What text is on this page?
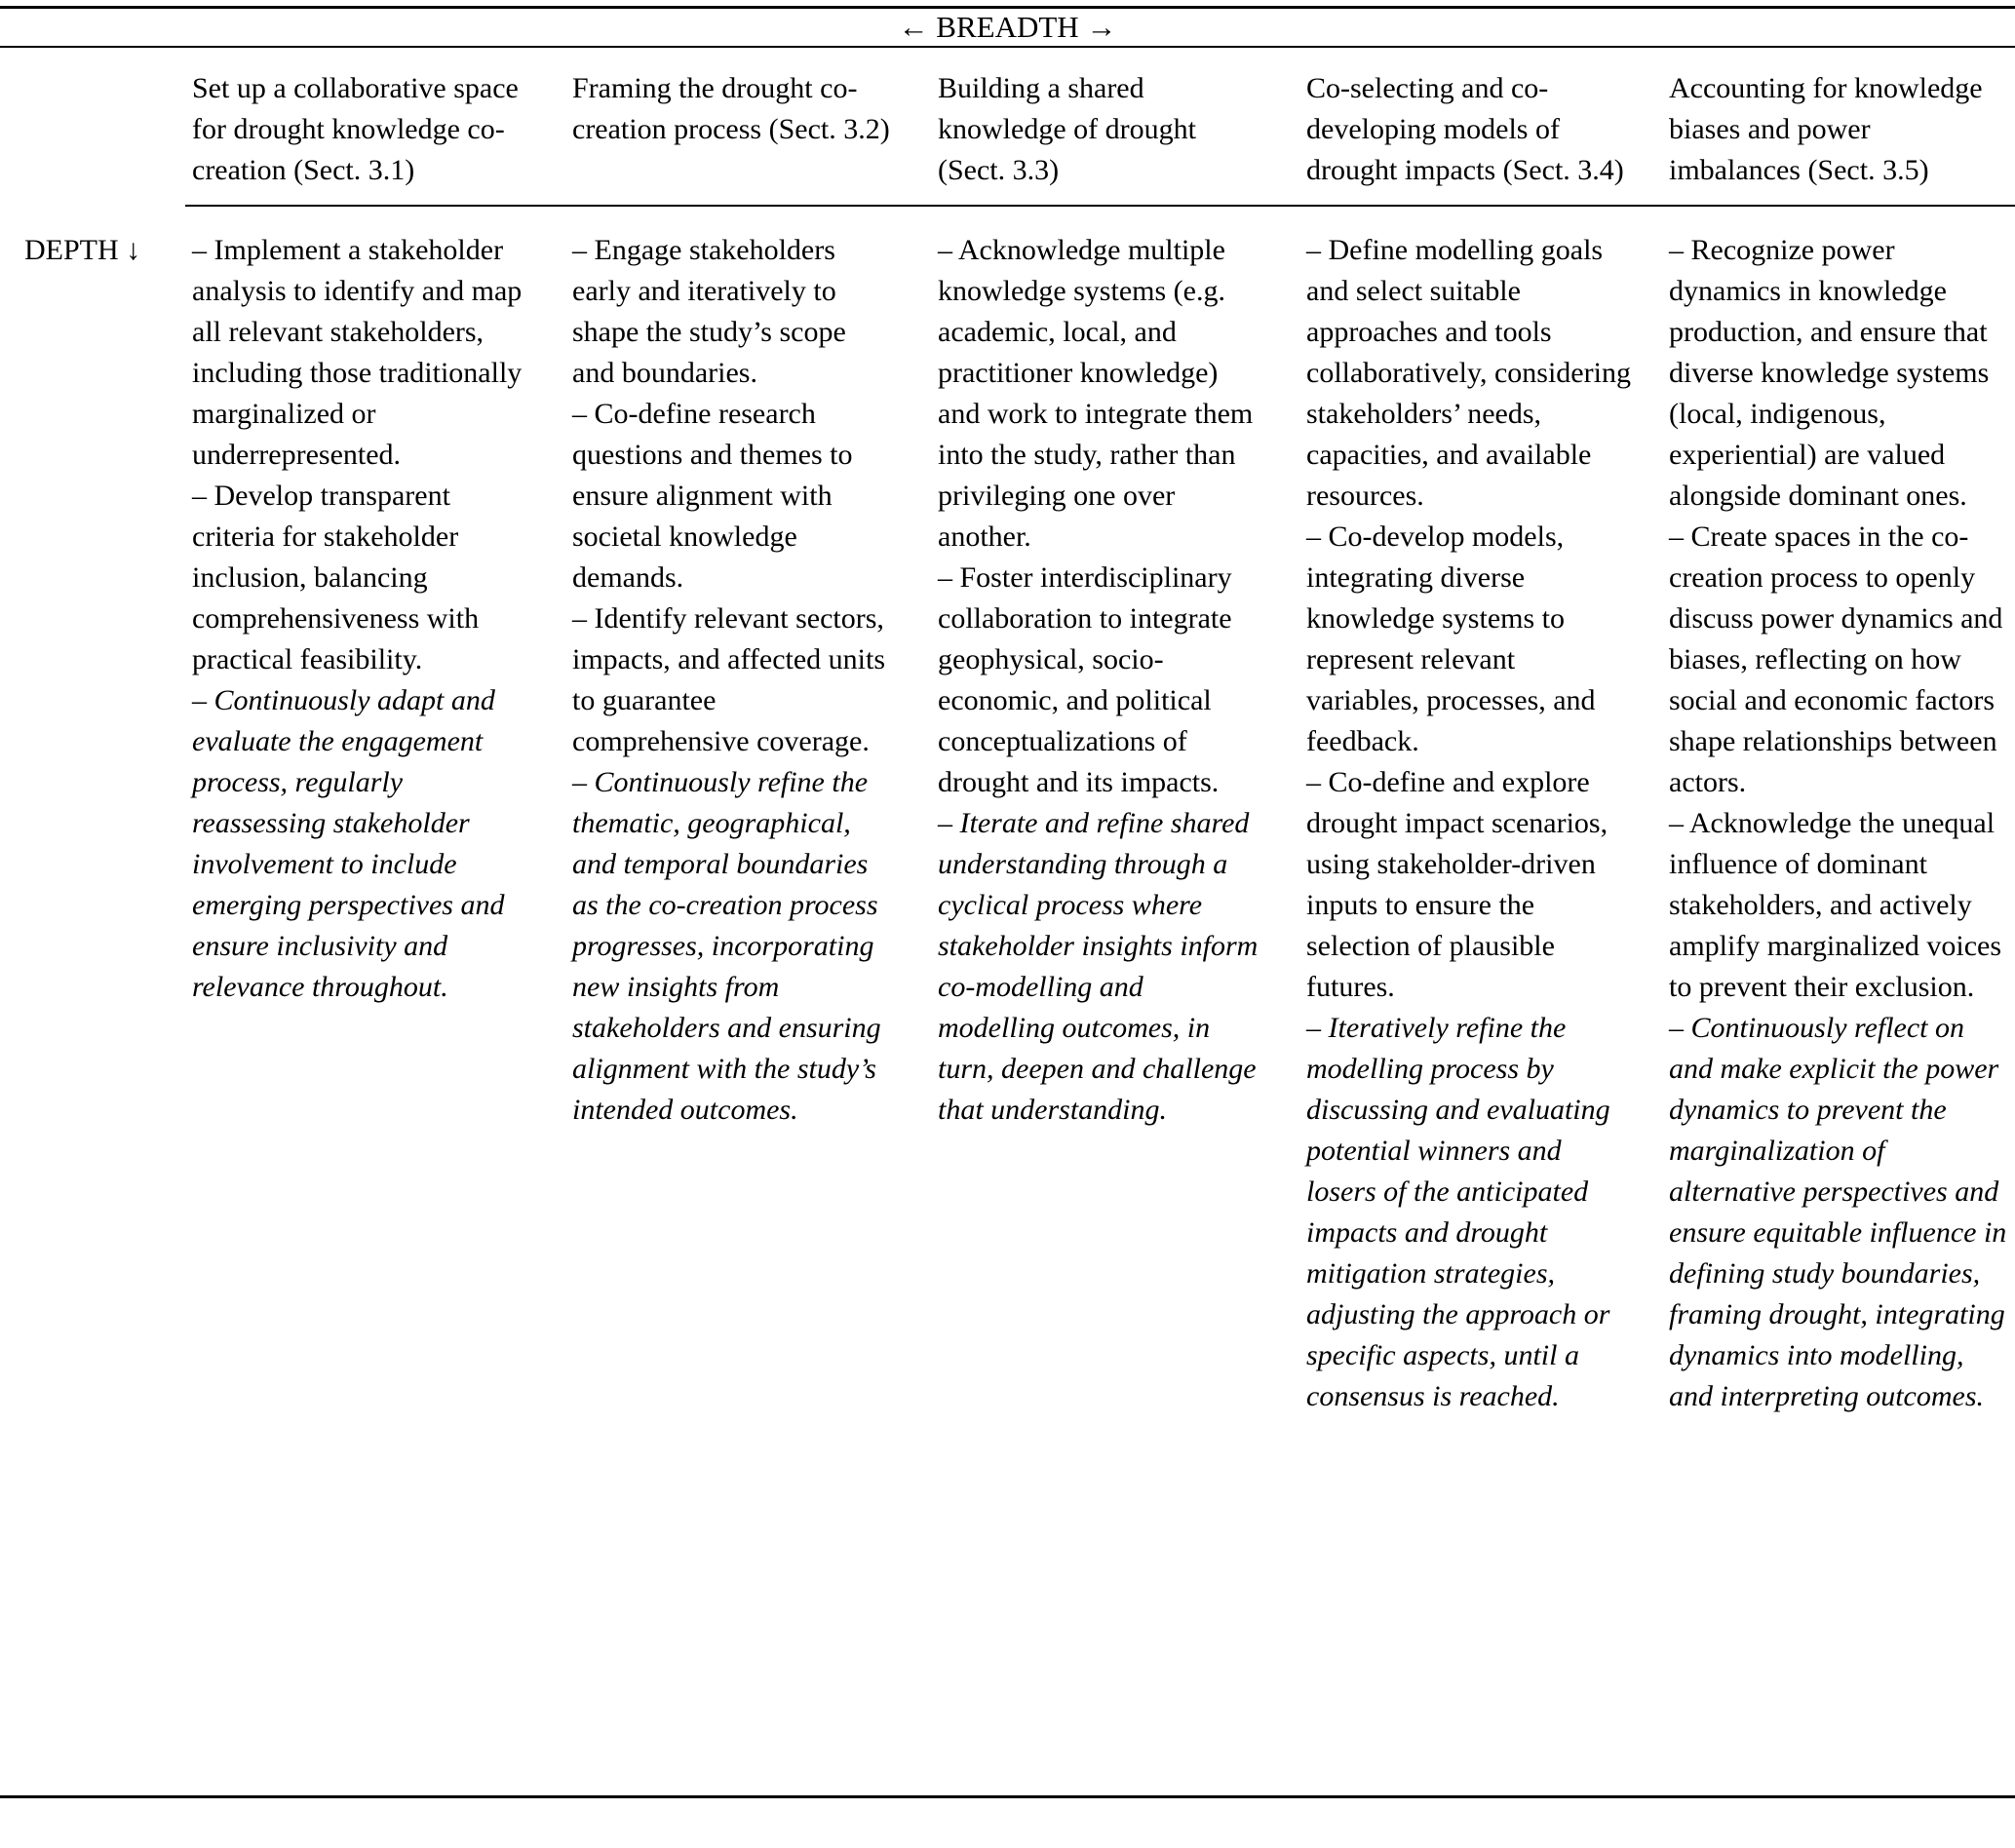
← BREADTH →
Set up a collaborative space for drought knowledge co-creation (Sect. 3.1)
Framing the drought co-creation process (Sect. 3.2)
Building a shared knowledge of drought (Sect. 3.3)
Co-selecting and co-developing models of drought impacts (Sect. 3.4)
Accounting for knowledge biases and power imbalances (Sect. 3.5)
DEPTH ↓	– Implement a stakeholder analysis to identify and map all relevant stakeholders, including those traditionally marginalized or underrepresented.

– Develop transparent criteria for stakeholder inclusion, balancing comprehensiveness with practical feasibility.

– Continuously adapt and evaluate the engagement process, regularly reassessing stakeholder involvement to include emerging perspectives and ensure inclusivity and relevance throughout.

– Engage stakeholders early and iteratively to shape the study’s scope and boundaries.

– Co-define research questions and themes to ensure alignment with societal knowledge demands.

– Identify relevant sectors, impacts, and affected units to guarantee comprehensive coverage.

– Continuously refine the thematic, geographical, and temporal boundaries as the co-creation process progresses, incorporating new insights from stakeholders and ensuring alignment with the study’s intended outcomes.

– Acknowledge multiple knowledge systems (e.g. academic, local, and practitioner knowledge) and work to integrate them into the study, rather than privileging one over another.

– Foster interdisciplinary collaboration to integrate geophysical, socio-economic, and political conceptualizations of drought and its impacts.

– Iterate and refine shared understanding through a cyclical process where stakeholder insights inform co-modelling and modelling outcomes, in turn, deepen and challenge that understanding.

– Define modelling goals and select suitable approaches and tools collaboratively, considering stakeholders’ needs, capacities, and available resources.

– Co-develop models, integrating diverse knowledge systems to represent relevant variables, processes, and feedback.

– Co-define and explore drought impact scenarios, using stakeholder-driven inputs to ensure the selection of plausible futures.

– Iteratively refine the modelling process by discussing and evaluating potential winners and losers of the anticipated impacts and drought mitigation strategies, adjusting the approach or specific aspects, until a consensus is reached.

– Recognize power dynamics in knowledge production, and ensure that diverse knowledge systems (local, indigenous, experiential) are valued alongside dominant ones.

– Create spaces in the co-creation process to openly discuss power dynamics and biases, reflecting on how social and economic factors shape relationships between actors.

– Acknowledge the unequal influence of dominant stakeholders, and actively amplify marginalized voices to prevent their exclusion.

– Continuously reflect on and make explicit the power dynamics to prevent the marginalization of alternative perspectives and ensure equitable influence in defining study boundaries, framing drought, integrating dynamics into modelling, and interpreting outcomes.
